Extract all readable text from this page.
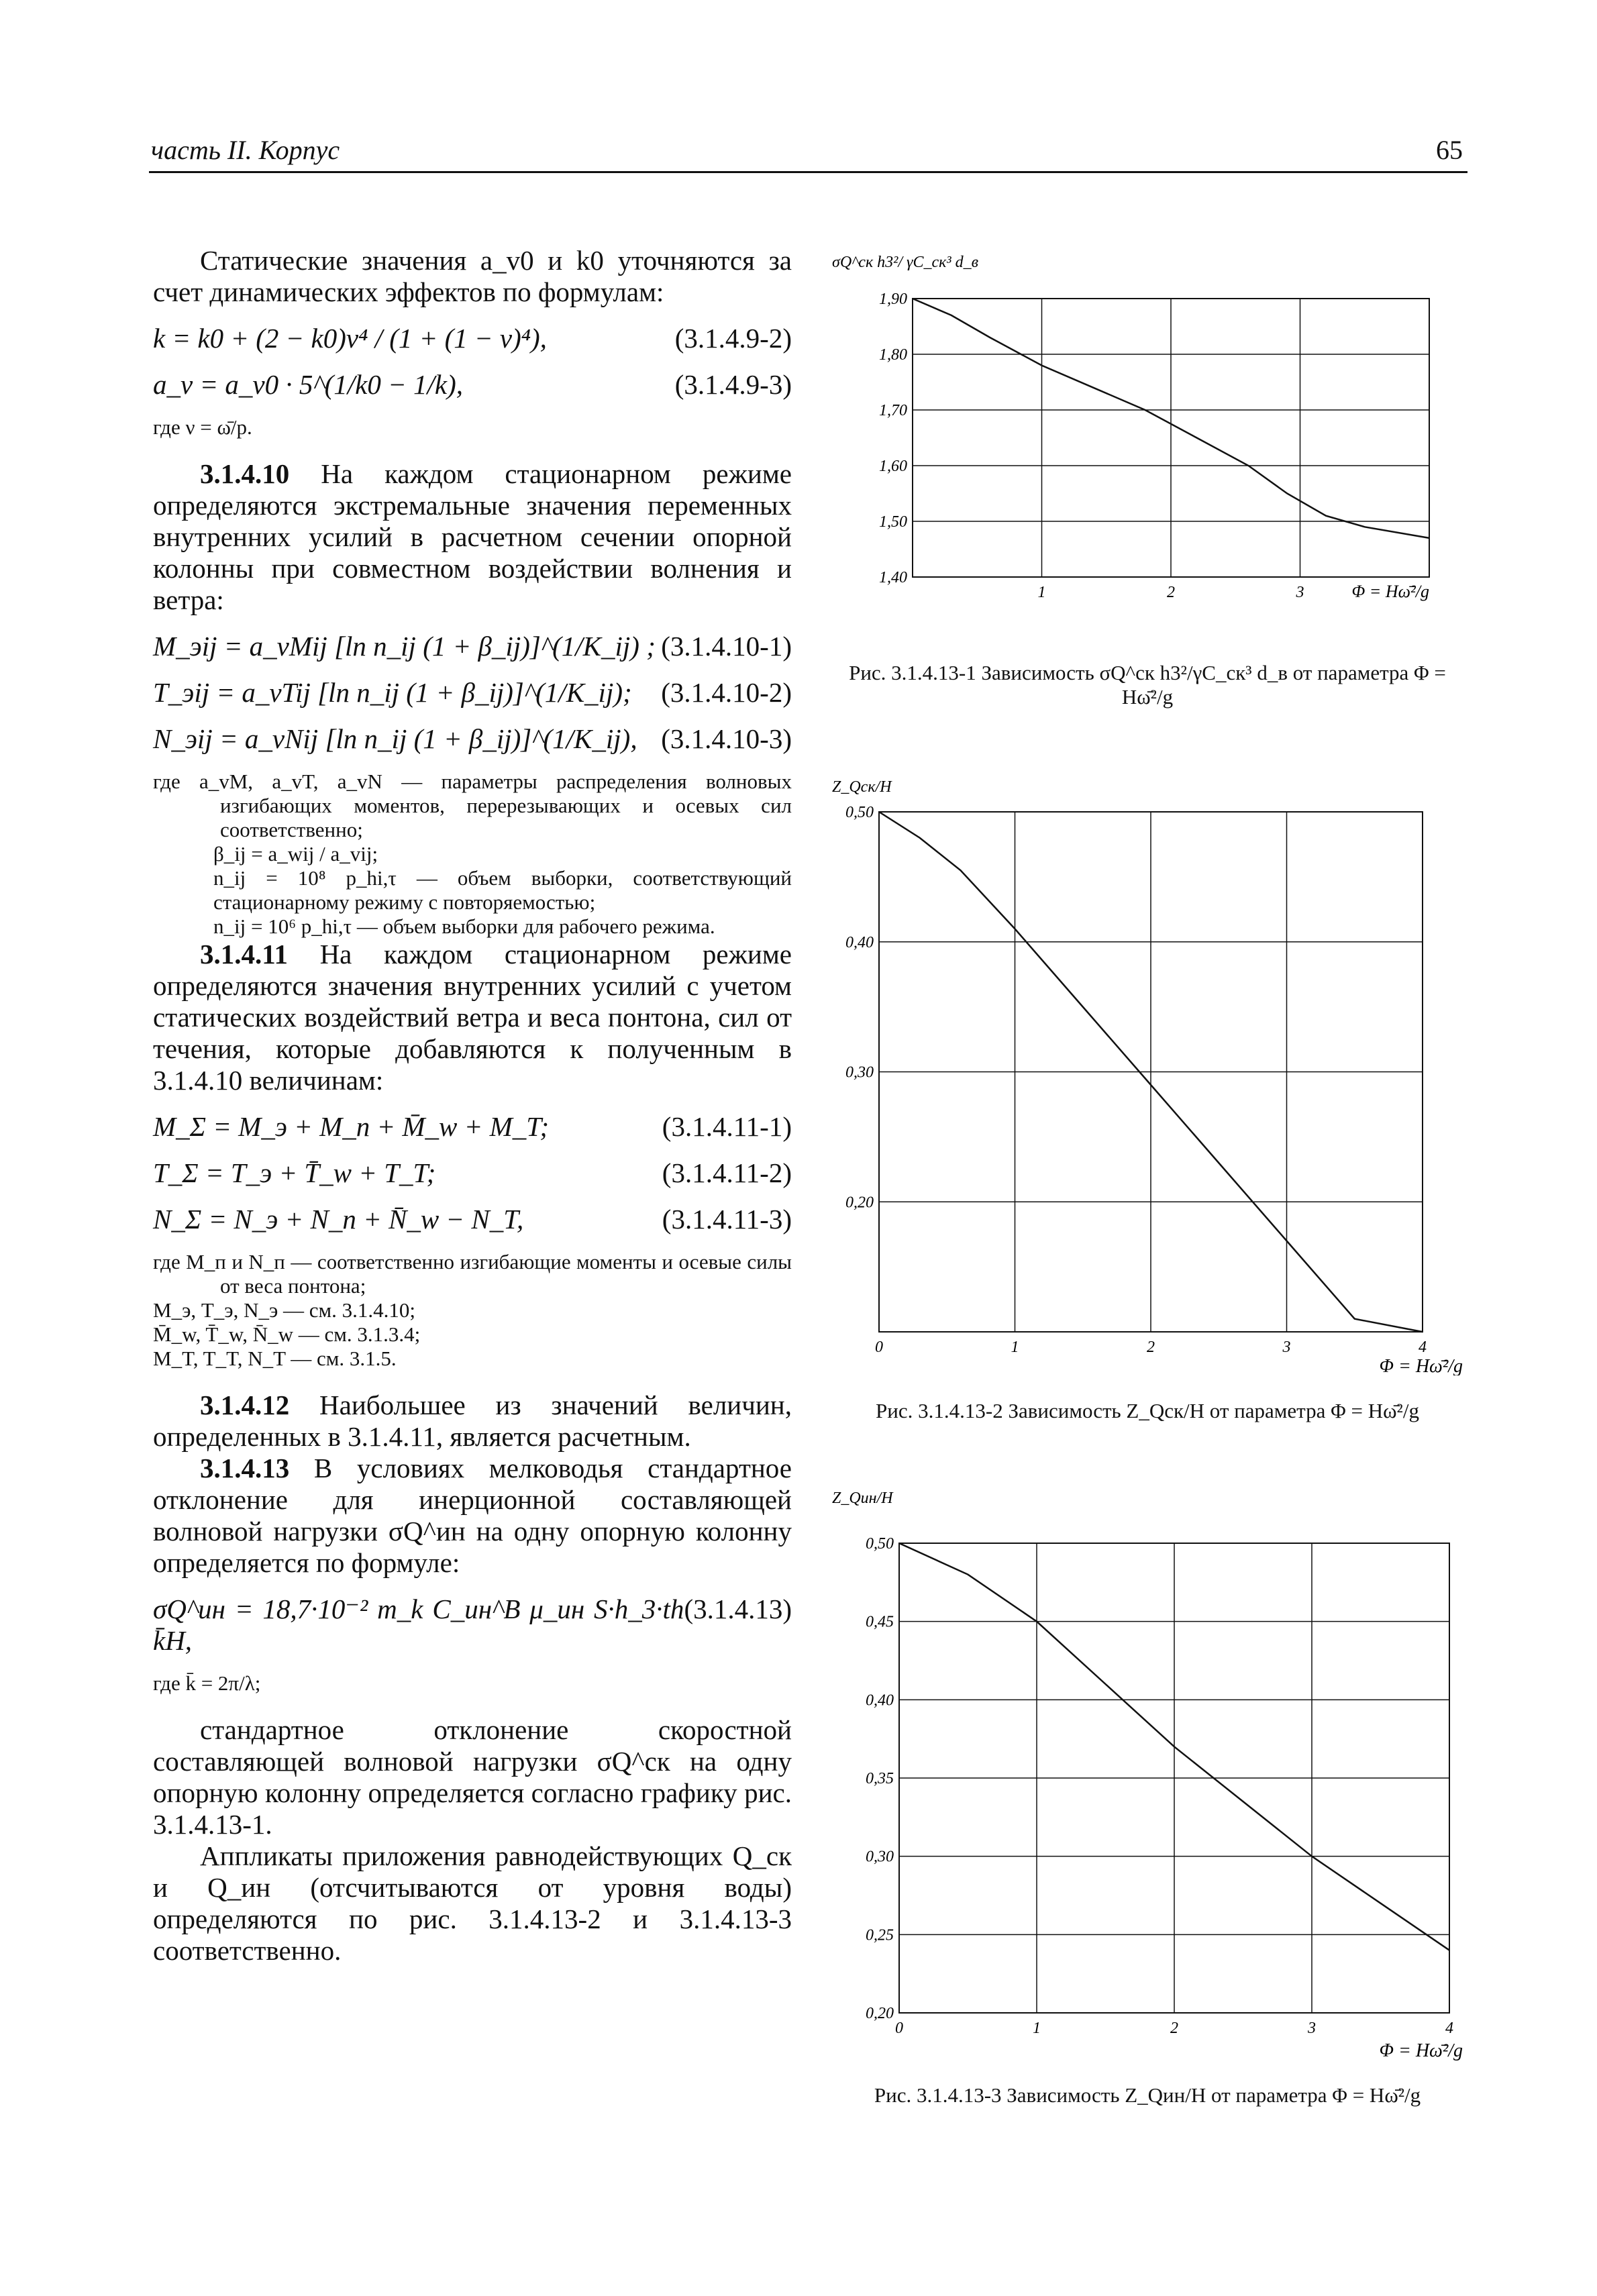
часть II. Корпус	65

Статические значения a_v0 и k0 уточняются за счет динамических эффектов по формулам:

k = k0 + (2 − k0)ν⁴ / (1 + (1 − ν)⁴),	(3.1.4.9-2)
a_v = a_v0 · 5^(1/k0 − 1/k),	(3.1.4.9-3)

где ν = ω̄/p.

3.1.4.10 На каждом стационарном режиме определяются экстремальные значения переменных внутренних усилий в расчетном сечении опорной колонны при совместном воздействии волнения и ветра:

M_эij = a_vMij [ln n_ij (1 + β_ij)]^(1/K_ij) ; (3.1.4.10-1)
T_эij = a_vTij [ln n_ij (1 + β_ij)]^(1/K_ij); (3.1.4.10-2)
N_эij = a_vNij [ln n_ij (1 + β_ij)]^(1/K_ij), (3.1.4.10-3)

где a_vM, a_vT, a_vN — параметры распределения волновых изгибающих моментов, перерезывающих и осевых сил соответственно;

β_ij = a_wij / a_vij;

n_ij = 10⁸ p_hi,τ — объем выборки, соответствующий стационарному режиму с повторяемостью;

n_ij = 10⁶ p_hi,τ — объем выборки для рабочего режима.

3.1.4.11 На каждом стационарном режиме определяются значения внутренних усилий с учетом статических воздействий ветра и веса понтона, сил от течения, которые добавляются к полученным в 3.1.4.10 величинам:

M_Σ = M_э + M_п + M̄_w + M_T;	(3.1.4.11-1)
T_Σ = T_э + T̄_w + T_T;	(3.1.4.11-2)
N_Σ = N_э + N_п + N̄_w − N_T,	(3.1.4.11-3)

где M_п и N_п — соответственно изгибающие моменты и осевые силы от веса понтона;

M_э, T_э, N_э — см. 3.1.4.10;

M̄_w, T̄_w, N̄_w — см. 3.1.3.4;

M_T, T_T, N_T — см. 3.1.5.

3.1.4.12 Наибольшее из значений величин, определенных в 3.1.4.11, является расчетным.

3.1.4.13 В условиях мелководья стандартное отклонение для инерционной составляющей волновой нагрузки σQ^ин на одну опорную колонну определяется по формуле:

σQ^ин = 18,7·10⁻² m_k C_ин^B μ_ин S·h_3·th k̄H,
(3.1.4.13)

где k̄ = 2π/λ;

стандартное отклонение скоростной составляющей волновой нагрузки σQ^ск на одну опорную колонну определяется согласно графику рис. 3.1.4.13-1.

Аппликаты приложения равнодействующих Q_ск и Q_ин (отсчитываются от уровня воды) определяются по рис. 3.1.4.13-2 и 3.1.4.13-3 соответственно.

σQ^ск h3²/ γC_ск³ d_в
1,40
1,50
1,60
1,70
1,80
1,90
1	2	3	Φ = Hω̄²/g
Рис. 3.1.4.13-1 Зависимость σQ^ск h3²/γC_ск³ d_в от параметра Φ = Hω̄²/g
Z_Qск/H
0,20
0,30
0,40
0,50
0	1	2	3	4
Φ = Hω̄²/g
Рис. 3.1.4.13-2 Зависимость Z_Qск/H от параметра Φ = Hω̄²/g
Z_Qин/H
0,20
0,25
0,30
0,35
0,40
0,45
0,50
0	1	2	3	4
Φ = Hω̄²/g
Рис. 3.1.4.13-3 Зависимость Z_Qин/H от параметра Φ = Hω̄²/g
